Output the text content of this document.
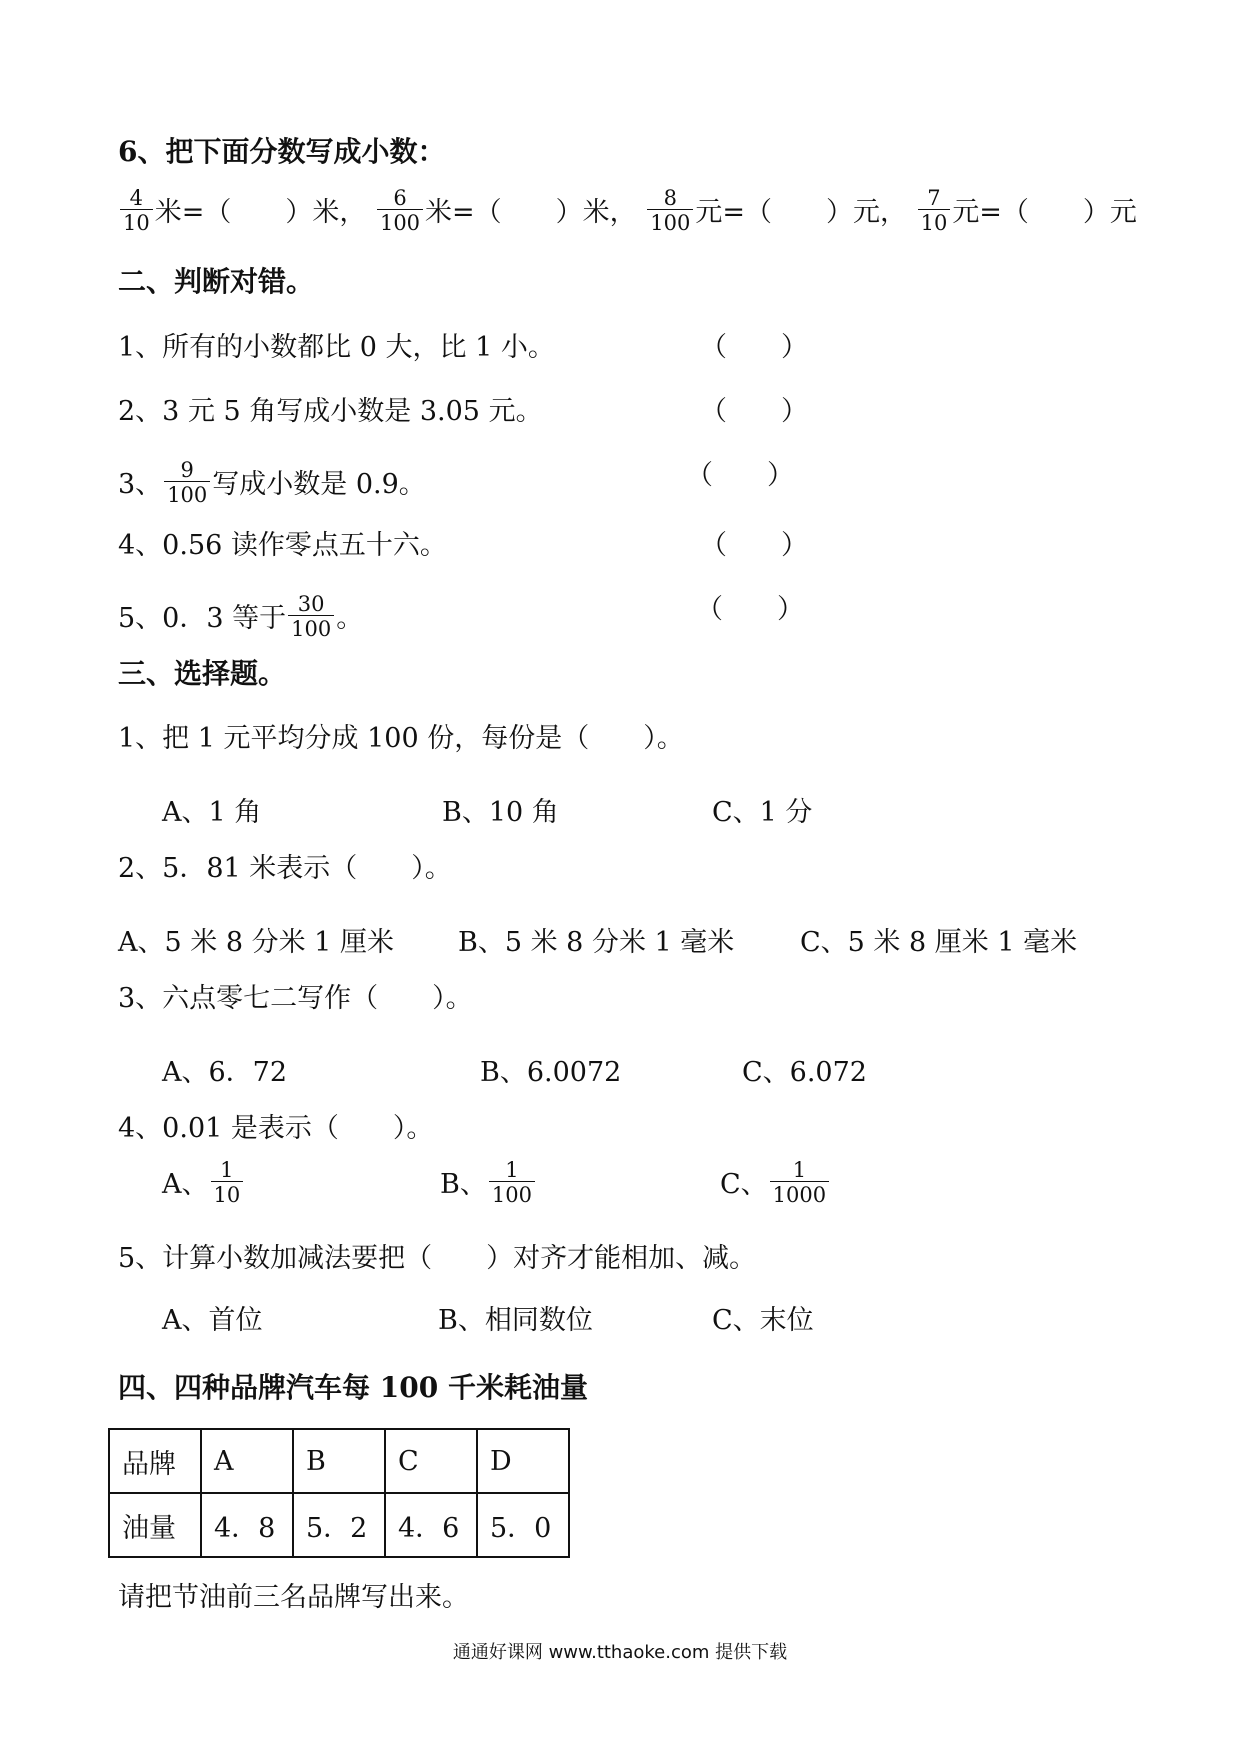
6、把下面分数写成小数：
$\frac{4}{10}$ 米=（　　）米， $\frac{6}{100}$ 米=（　　）米， $\frac{8}{100}$ 元=（　　）元， $\frac{7}{10}$ 元=（　　）元
二、判断对错。
1、所有的小数都比 0 大，比 1 小。	（　　）
2、3 元 5 角写成小数是 3.05 元。	（　　）
3、 $\frac{9}{100}$ 写成小数是 0.9。	（　　）
4、0.56 读作零点五十六。	（　　）
5、0．3 等于 $\frac{30}{100}$ 。	（　　）
三、选择题。
1、把 1 元平均分成 100 份，每份是（　　）。
A、1 角	B、10 角	C、1 分
2、5．81 米表示（　　）。
A、5 米 8 分米 1 厘米 B、5 米 8 分米 1 毫米 C、5 米 8 厘米 1 毫米
3、六点零七二写作（　　）。
A、6．72	B、6.0072	C、6.072
4、0.01 是表示（　　）。
A、 $\frac{1}{10}$	B、 $\frac{1}{100}$	C、 $\frac{1}{1000}$
5、计算小数加减法要把（　　）对齐才能相加、减。
A、首位	B、相同数位	C、末位
四、四种品牌汽车每 100 千米耗油量
品牌	A	B	C	D
油量	4．8	5．2	4．6	5．0
请把节油前三名品牌写出来。
通通好课网 www.tthaoke.com 提供下载
